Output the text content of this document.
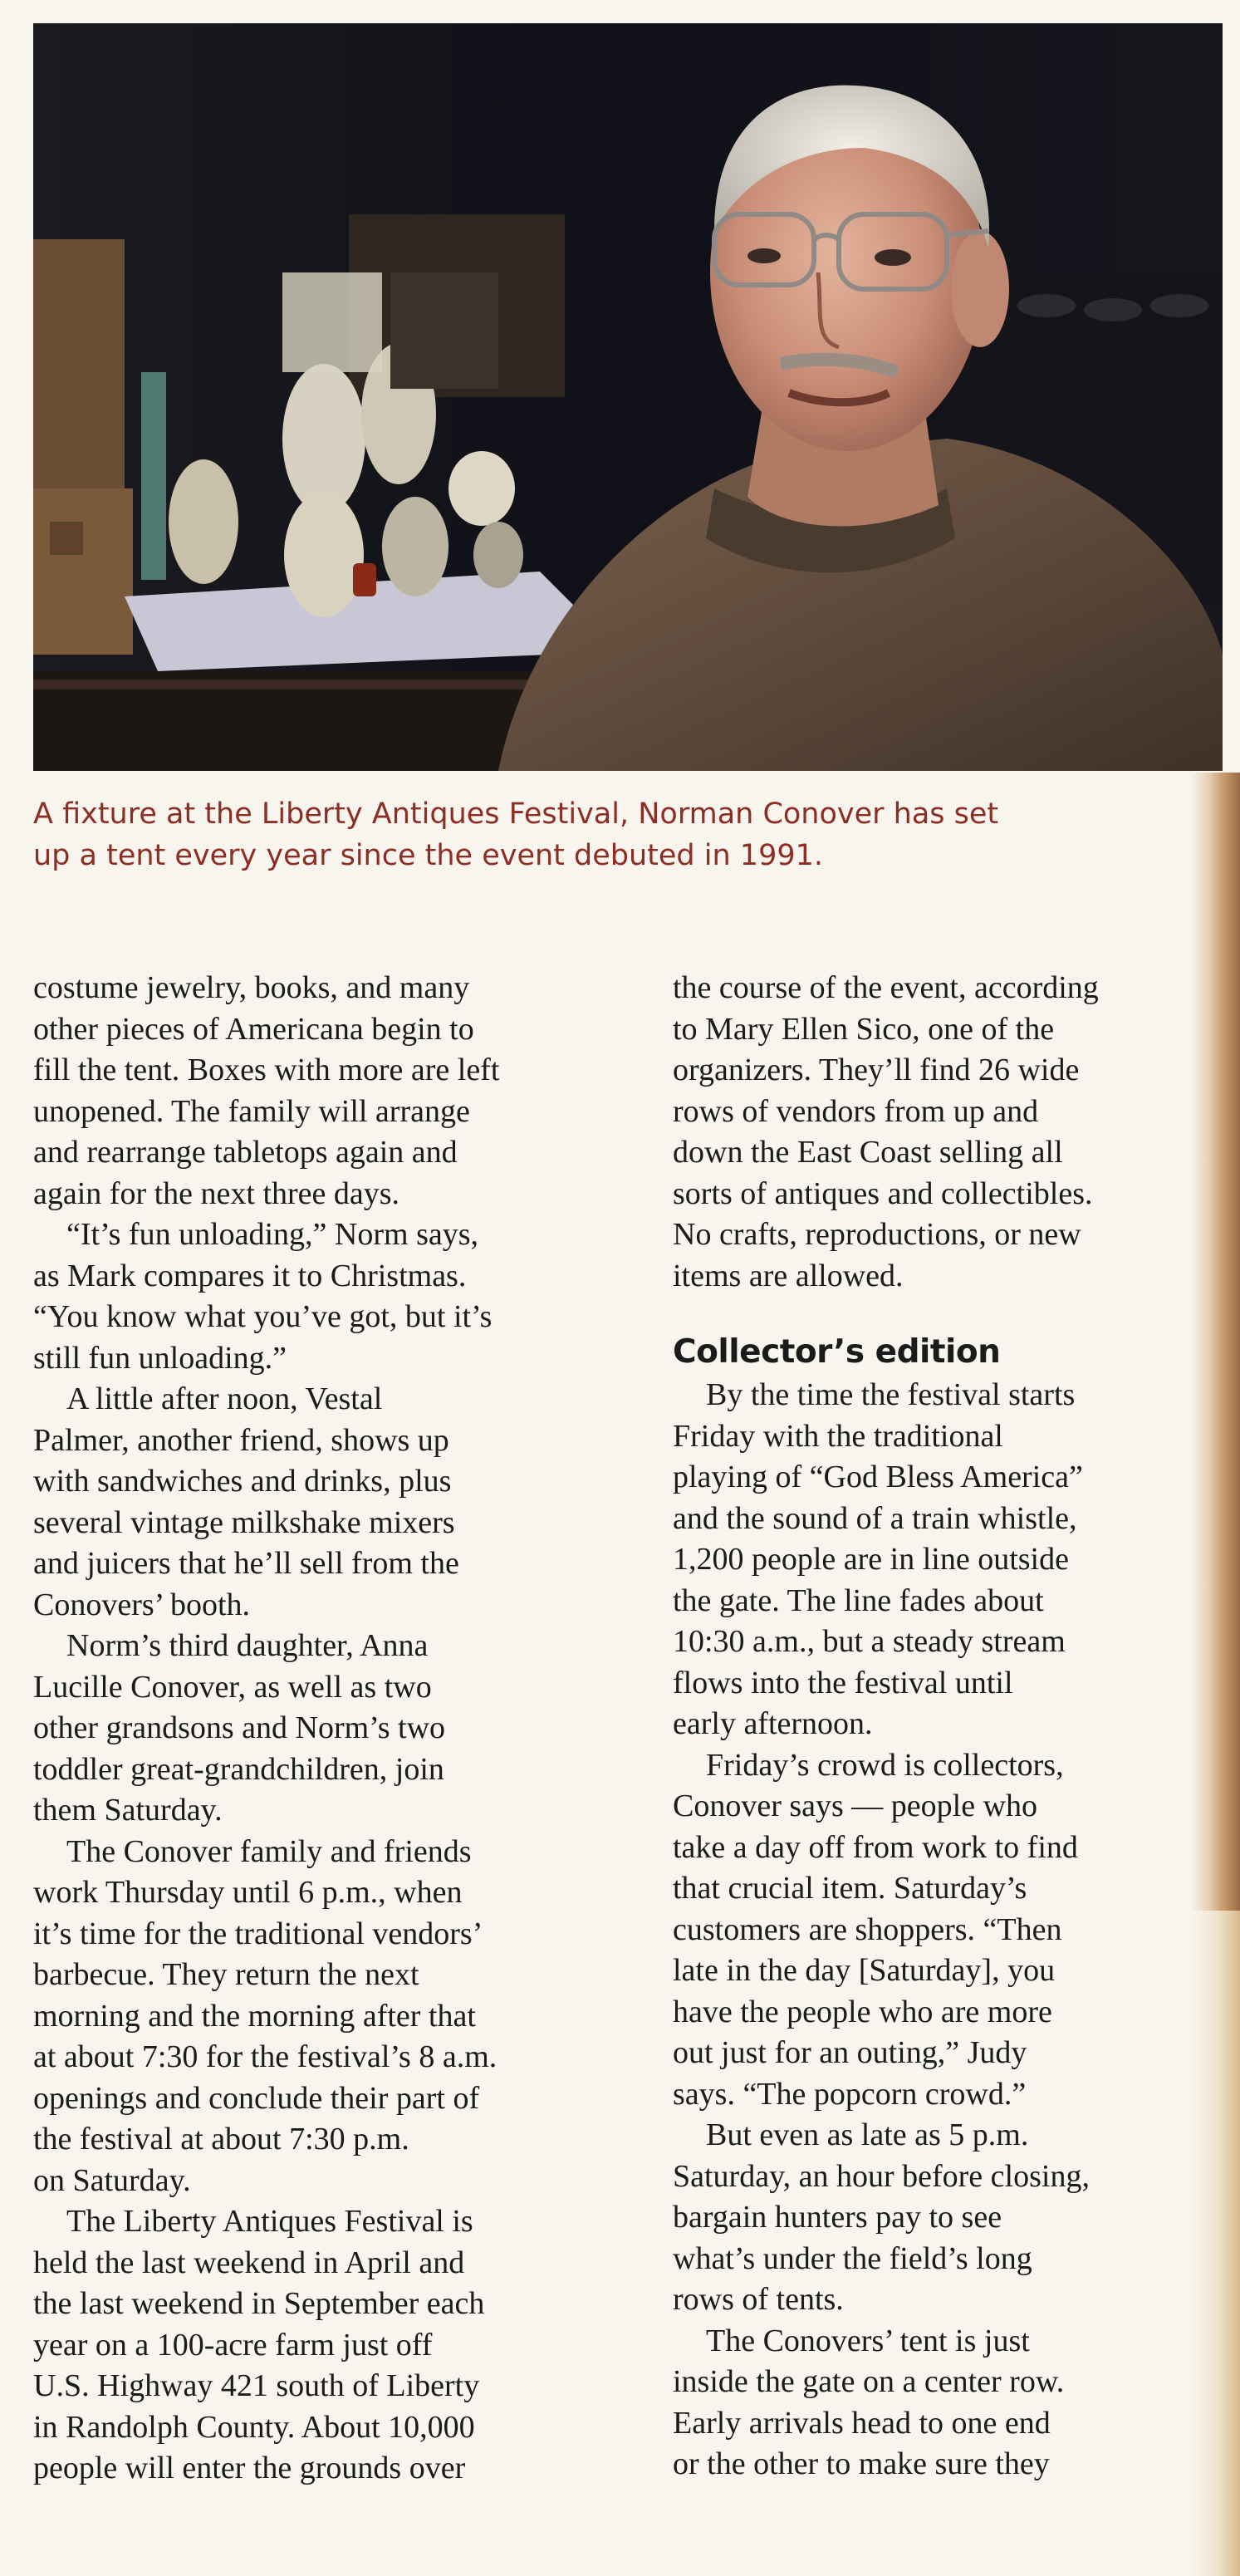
A fixture at the Liberty Antiques Festival, Norman Conover has set
up a tent every year since the event debuted in 1991.

costume jewelry, books, and many

other pieces of Americana begin to

fill the tent. Boxes with more are left

unopened. The family will arrange

and rearrange tabletops again and

again for the next three days.

“It’s fun unloading,” Norm says,

as Mark compares it to Christmas.

“You know what you’ve got, but it’s

still fun unloading.”

A little after noon, Vestal

Palmer, another friend, shows up

with sandwiches and drinks, plus

several vintage milkshake mixers

and juicers that he’ll sell from the

Conovers’ booth.

Norm’s third daughter, Anna

Lucille Conover, as well as two

other grandsons and Norm’s two

toddler great-grandchildren, join

them Saturday.

The Conover family and friends

work Thursday until 6 p.m., when

it’s time for the traditional vendors’

barbecue. They return the next

morning and the morning after that

at about 7:30 for the festival’s 8 a.m.

openings and conclude their part of

the festival at about 7:30 p.m.

on Saturday.

The Liberty Antiques Festival is

held the last weekend in April and

the last weekend in September each

year on a 100-acre farm just off

U.S. Highway 421 south of Liberty

in Randolph County. About 10,000

people will enter the grounds over

the course of the event, according

to Mary Ellen Sico, one of the

organizers. They’ll find 26 wide

rows of vendors from up and

down the East Coast selling all

sorts of antiques and collectibles.

No crafts, reproductions, or new

items are allowed.

Collector’s edition

By the time the festival starts

Friday with the traditional

playing of “God Bless America”

and the sound of a train whistle,

1,200 people are in line outside

the gate. The line fades about

10:30 a.m., but a steady stream

flows into the festival until

early afternoon.

Friday’s crowd is collectors,

Conover says — people who

take a day off from work to find

that crucial item. Saturday’s

customers are shoppers. “Then

late in the day [Saturday], you

have the people who are more

out just for an outing,” Judy

says. “The popcorn crowd.”

But even as late as 5 p.m.

Saturday, an hour before closing,

bargain hunters pay to see

what’s under the field’s long

rows of tents.

The Conovers’ tent is just

inside the gate on a center row.

Early arrivals head to one end

or the other to make sure they
